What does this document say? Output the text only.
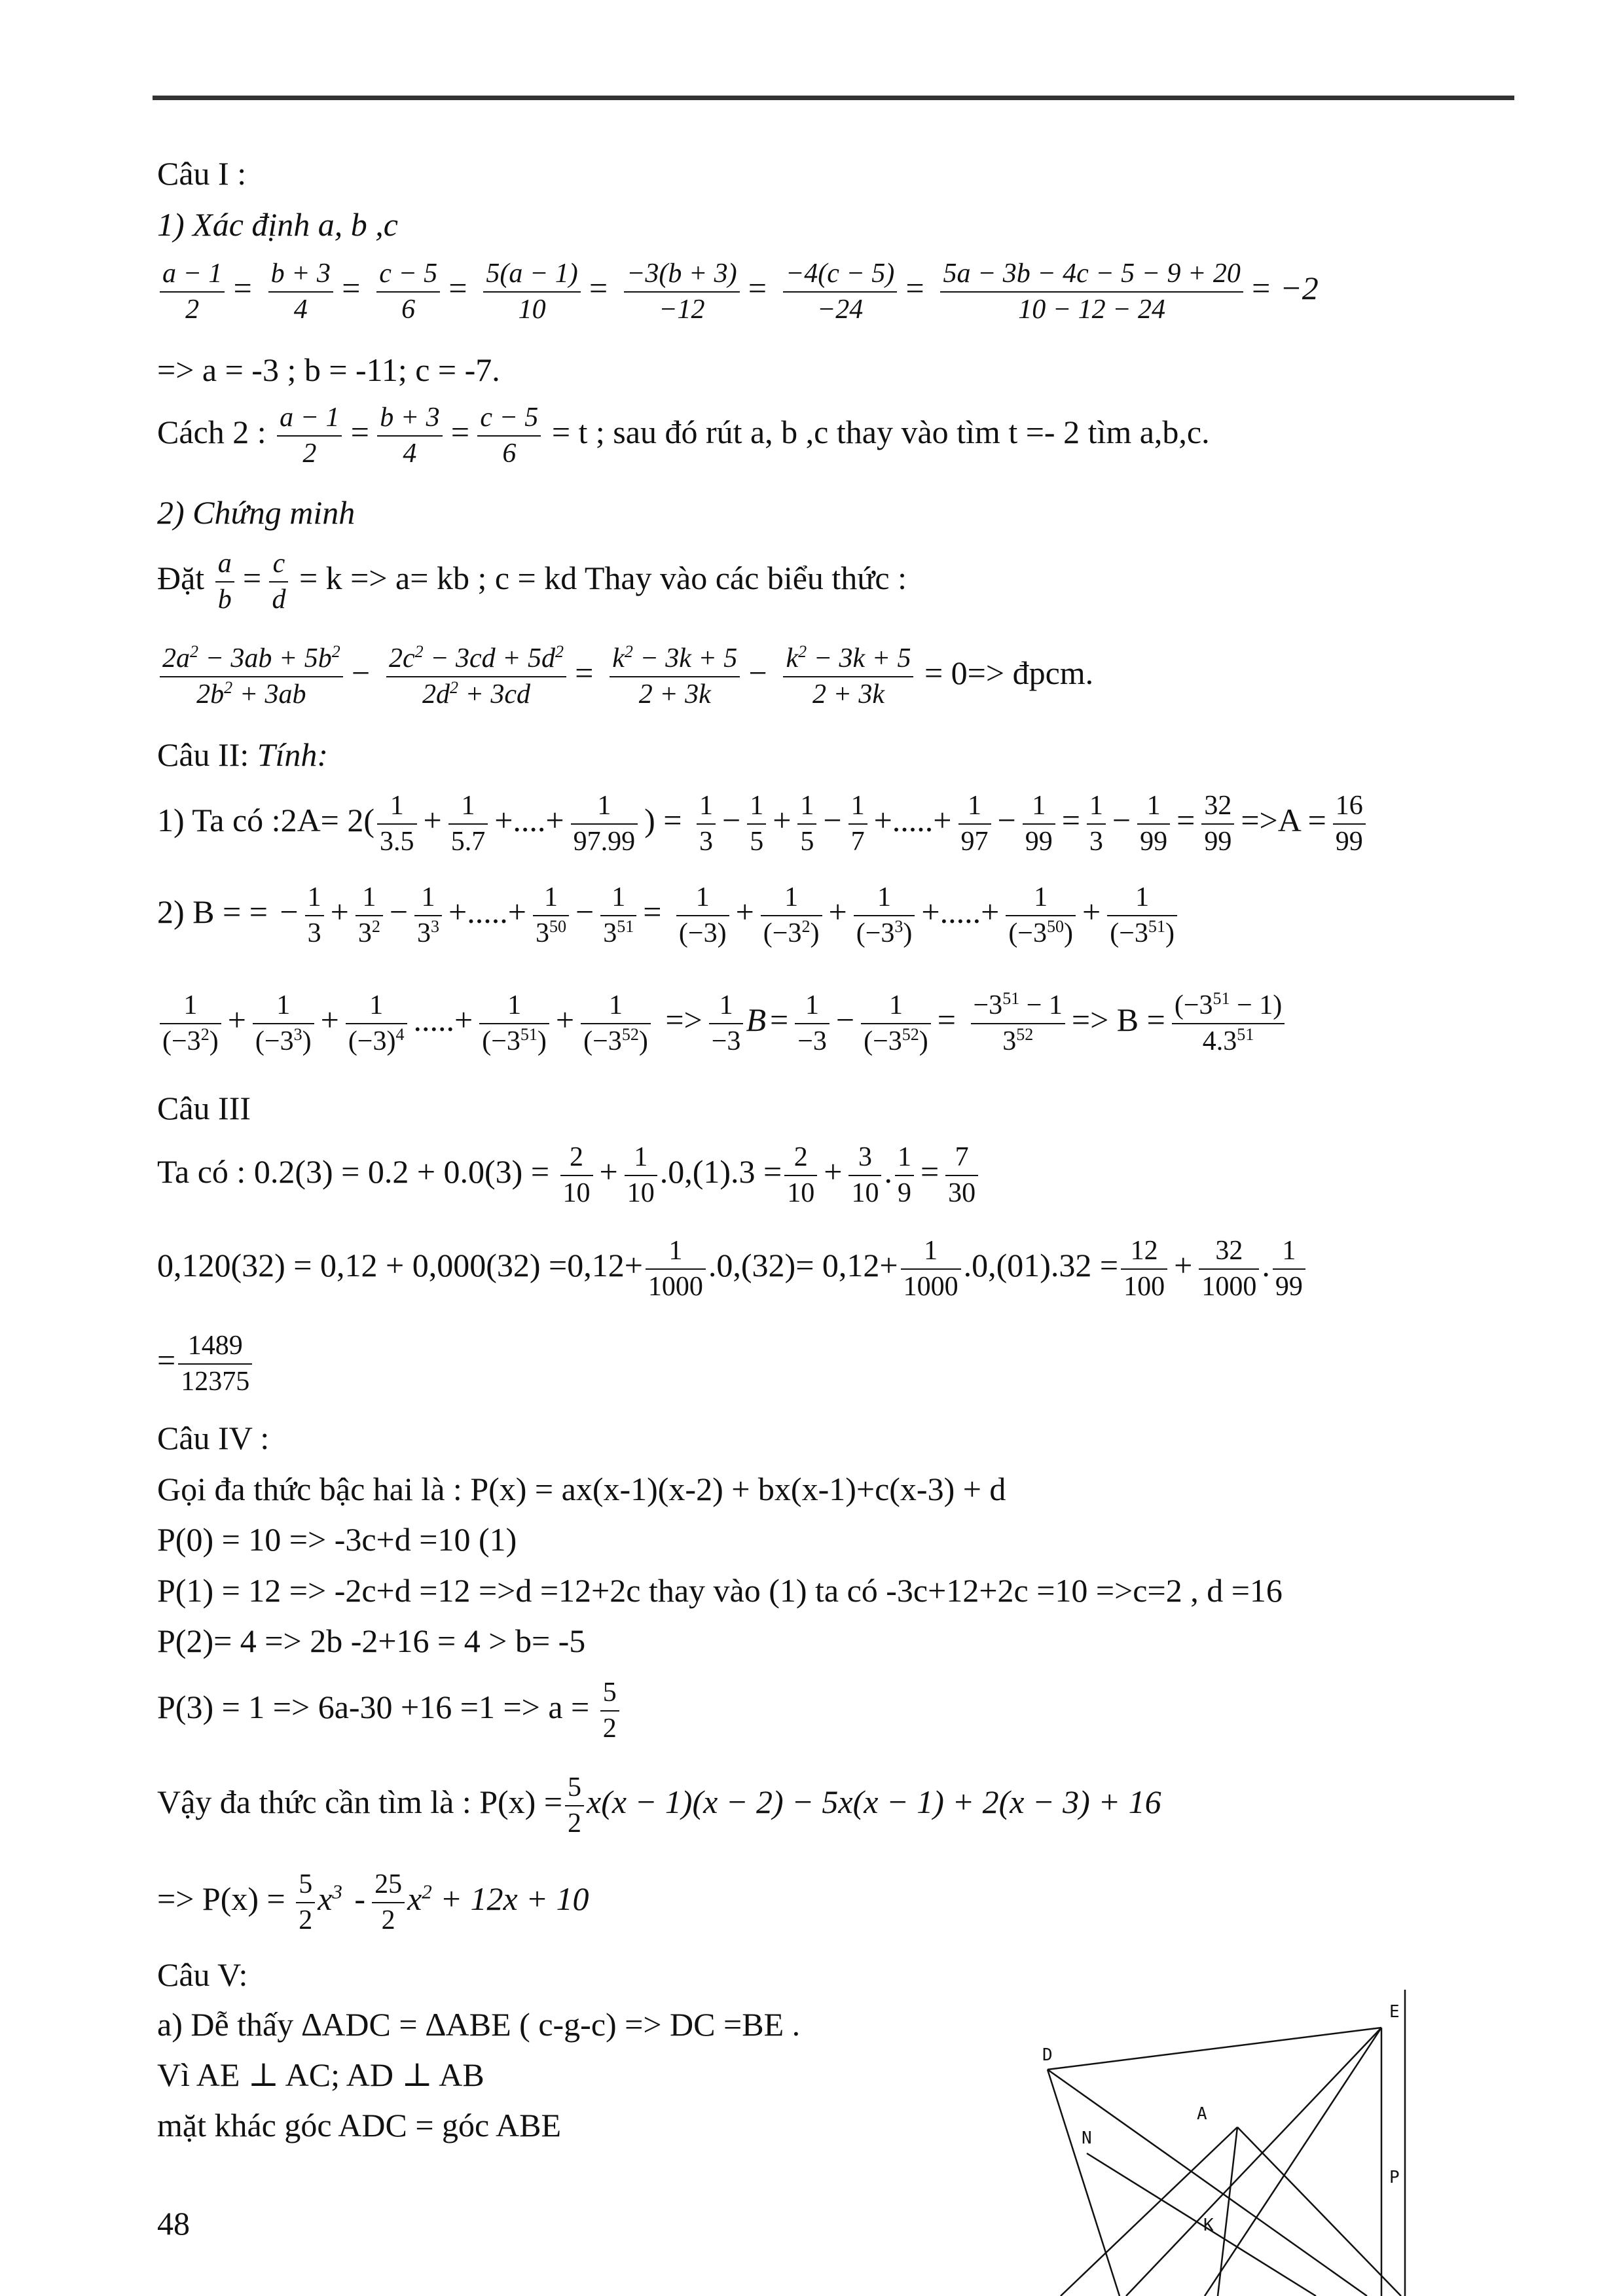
Câu I :
1) Xác định a, b ,c
$\frac{a - 1}{2} = \frac{b + 3}{4} = \frac{c - 5}{6} = \frac{5(a - 1)}{10} = \frac{-3(b + 3)}{-12} = \frac{-4(c - 5)}{-24} = \frac{5a - 3b - 4c - 5 - 9 + 20}{10 - 12 - 24} = -2$
=> a = -3 ; b = -11; c = -7.
Cách 2 : $\frac{a - 1}{2} = \frac{b + 3}{4} = \frac{c - 5}{6} = t$ ; sau đó rút a, b ,c thay vào tìm t =- 2 tìm a,b,c.
2) Chứng minh
Đặt $\frac{a}{b} = \frac{c}{d} = k => a=$ kb ; c = kd Thay vào các biểu thức :
$\frac{2a^2 - 3ab + 5b^2}{2b^2 + 3ab} - \frac{2c^2 - 3cd + 5d^2}{2d^2 + 3cd} = \frac{k^2 - 3k + 5}{2 + 3k} - \frac{k^2 - 3k + 5}{2 + 3k} = 0=>$ đpcm.
Câu II: Tính:
1) Ta có :2A= $2( \frac{1}{3.5} + \frac{1}{5.7}$ +....+ $\frac{1}{97.99}$ ) = $\frac{1}{3} - \frac{1}{5} + \frac{1}{5} - \frac{1}{7}$ +.....+ $\frac{1}{97} - \frac{1}{99} = \frac{1}{3} - \frac{1}{99} = \frac{32}{99} =>A = \frac{16}{99}$
2) B = = − $\frac{1}{3} + \frac{1}{3^2} - \frac{1}{3^3}$ +.....+ $\frac{1}{3^{50}} - \frac{1}{3^{51}} = \frac{1}{(-3)} + \frac{1}{(-3^2)} + \frac{1}{(-3^3)}$ +.....+ $\frac{1}{(-3^{50})} + \frac{1}{(-3^{51})}$
$\frac{1}{(-3^2)} + \frac{1}{(-3^3)} + \frac{1}{(-3)^4}$ .....+ $\frac{1}{(-3^{51})} + \frac{1}{(-3^{52})} => \frac{1}{-3}$ $B = \frac{1}{-3} - \frac{1}{(-3^{52})} = \frac{-3^{51} - 1}{3^{52}} => B = \frac{(-3^{51} - 1)}{4.3^{51}}$
Câu III
Ta có : $0.2(3) = 0.2 + 0.0(3) = \frac{2}{10} + \frac{1}{10} .0,(1).3 = \frac{2}{10} + \frac{3}{10}$ . $\frac{1}{9} = \frac{7}{30}$
$0,120(32) = 0,12 + 0,000(32) =0,12+ \frac{1}{1000} .0,(32)= 0,12+ \frac{1}{1000} .0,(01).32 = \frac{12}{100} + \frac{32}{1000}$ . $\frac{1}{99}$
= $\frac{1489}{12375}$
Câu IV :
Gọi đa thức bậc hai là : P(x) = ax(x-1)(x-2) + bx(x-1)+c(x-3) + d
P(0) = 10 => -3c+d =10 (1)
P(1) = 12 => -2c+d =12 =>d =12+2c thay vào (1) ta có -3c+12+2c =10 =>c=2 , d =16
P(2)= 4 => 2b -2+16 = 4 > b= -5
$P(3) = 1 => 6a-30 +16 =1 => a = \frac{5}{2}$
Vậy đa thức cần tìm là : $P(x) = \frac{5}{2} x(x - 1)(x - 2) - 5x(x - 1) + 2(x - 3) + 16$
=> $P(x) = \frac{5}{2} x^3 - \frac{25}{2} x^2 + 12x + 10$
Câu V:
a) Dễ thấy ∆ADC = ∆ABE ( c-g-c) => DC =BE .
Vì AE ⊥ AC; AD ⊥ AB
mặt khác góc ADC = góc ABE
D
E
A
N
P
K
48
